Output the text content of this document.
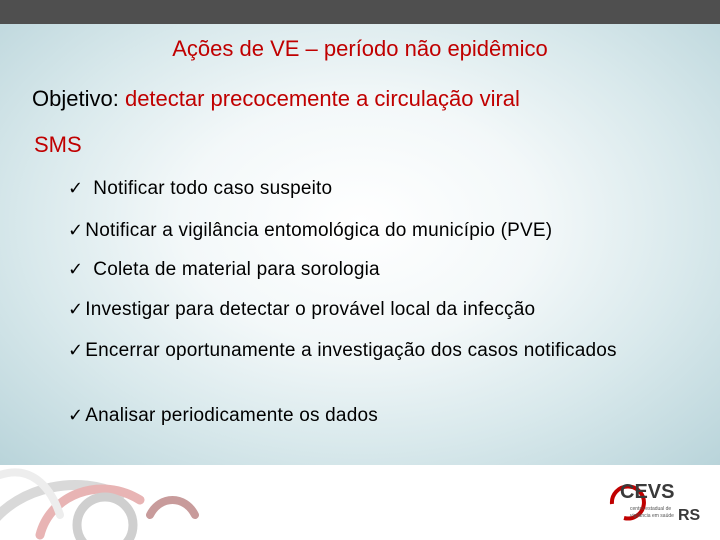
Ações de VE – período não epidêmico
Objetivo: detectar precocemente a circulação viral
SMS
✓ Notificar todo caso suspeito
✓ Notificar a vigilância entomológica do município (PVE)
✓ Coleta de material para sorologia
✓ Investigar para detectar o provável local da infecção
✓ Encerrar oportunamente a investigação dos casos notificados
✓ Analisar periodicamente os dados
CEVS
centro estadual de
vigilância em saúde RS
